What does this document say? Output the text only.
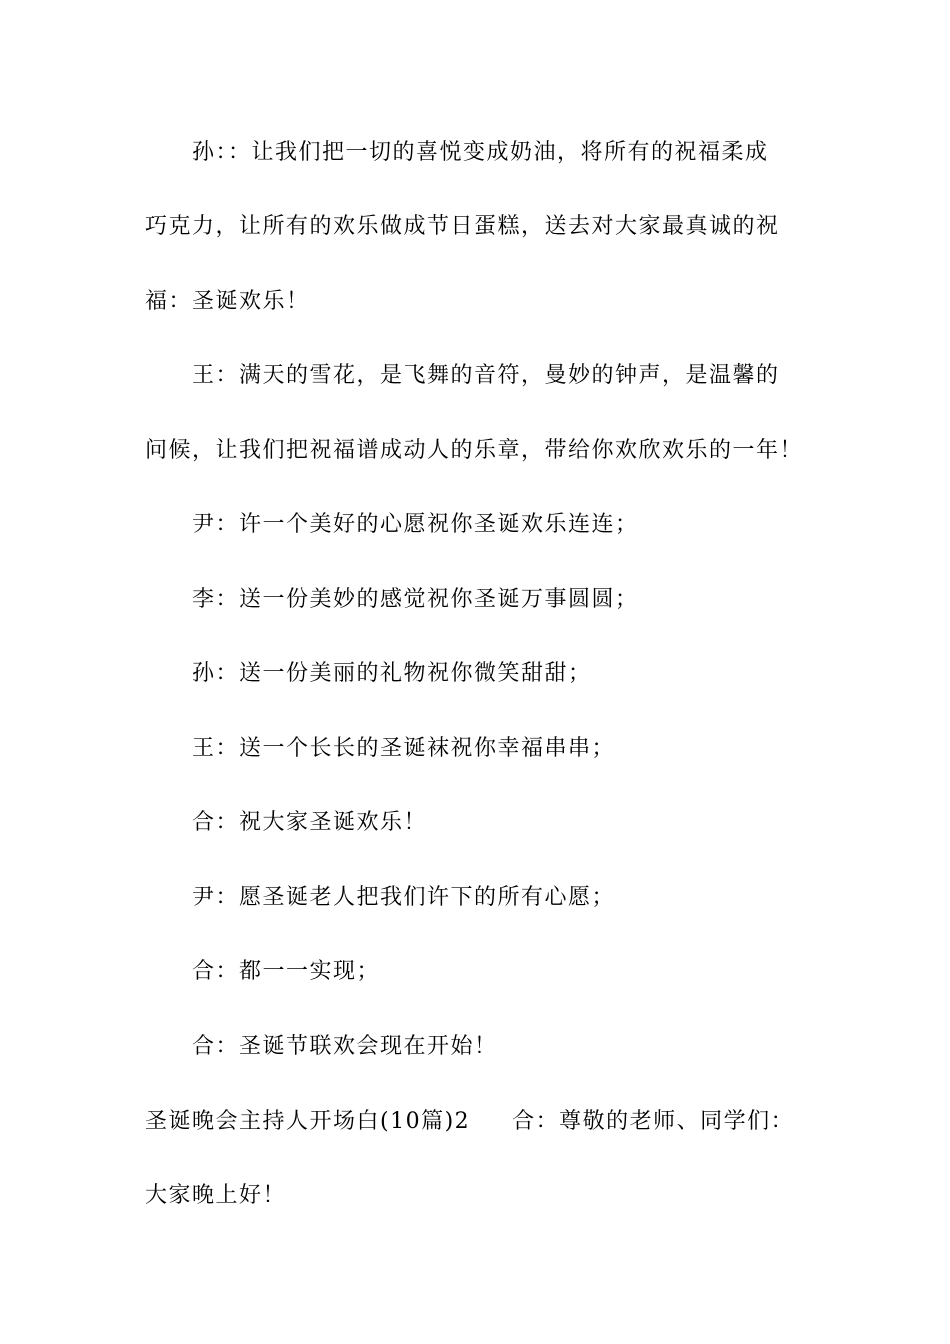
孙：：让我们把一切的喜悦变成奶油，将所有的祝福柔成
巧克力，让所有的欢乐做成节日蛋糕，送去对大家最真诚的祝
福：圣诞欢乐！
王：满天的雪花，是飞舞的音符，曼妙的钟声，是温馨的
问候，让我们把祝福谱成动人的乐章，带给你欢欣欢乐的一年！
尹：许一个美好的心愿祝你圣诞欢乐连连；
李：送一份美妙的感觉祝你圣诞万事圆圆；
孙：送一份美丽的礼物祝你微笑甜甜；
王：送一个长长的圣诞袜祝你幸福串串；
合：祝大家圣诞欢乐！
尹：愿圣诞老人把我们许下的所有心愿；
合：都一一实现；
合：圣诞节联欢会现在开始！
圣诞晚会主持人开场白(10篇)2 合：尊敬的老师、同学们：
大家晚上好！
